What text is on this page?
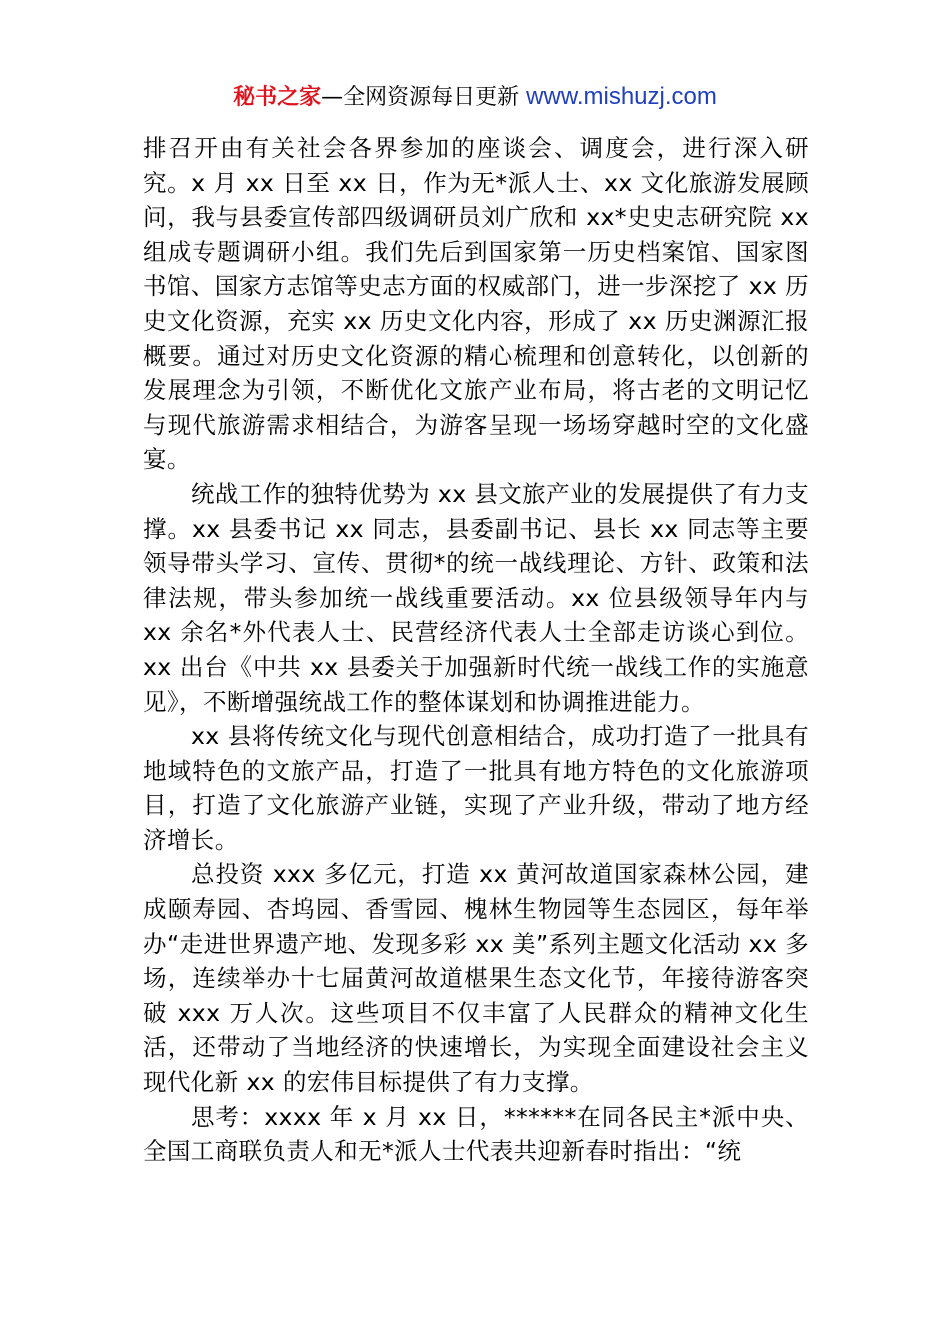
秘书之家—全网资源每日更新 www.mishuzj.com

排召开由有关社会各界参加的座谈会、调度会，进行深入研究。x 月 xx 日至 xx 日，作为无*派人士、xx 文化旅游发展顾问，我与县委宣传部四级调研员刘广欣和 xx*史史志研究院 xx 组成专题调研小组。我们先后到国家第一历史档案馆、国家图书馆、国家方志馆等史志方面的权威部门，进一步深挖了 xx 历史文化资源，充实 xx 历史文化内容，形成了 xx 历史渊源汇报概要。通过对历史文化资源的精心梳理和创意转化，以创新的发展理念为引领，不断优化文旅产业布局，将古老的文明记忆与现代旅游需求相结合，为游客呈现一场场穿越时空的文化盛宴。

统战工作的独特优势为 xx 县文旅产业的发展提供了有力支撑。xx 县委书记 xx 同志，县委副书记、县长 xx 同志等主要领导带头学习、宣传、贯彻*的统一战线理论、方针、政策和法律法规，带头参加统一战线重要活动。xx 位县级领导年内与 xx 余名*外代表人士、民营经济代表人士全部走访谈心到位。xx 出台《中共 xx 县委关于加强新时代统一战线工作的实施意见》，不断增强统战工作的整体谋划和协调推进能力。

xx 县将传统文化与现代创意相结合，成功打造了一批具有地域特色的文旅产品，打造了一批具有地方特色的文化旅游项目，打造了文化旅游产业链，实现了产业升级，带动了地方经济增长。

总投资 xxx 多亿元，打造 xx 黄河故道国家森林公园，建成颐寿园、杏坞园、香雪园、槐林生物园等生态园区，每年举办“走进世界遗产地、发现多彩 xx 美”系列主题文化活动 xx 多场，连续举办十七届黄河故道椹果生态文化节，年接待游客突破 xxx 万人次。这些项目不仅丰富了人民群众的精神文化生活，还带动了当地经济的快速增长，为实现全面建设社会主义现代化新 xx 的宏伟目标提供了有力支撑。

思考：xxxx 年 x 月 xx 日，******在同各民主*派中央、全国工商联负责人和无*派人士代表共迎新春时指出：“统
